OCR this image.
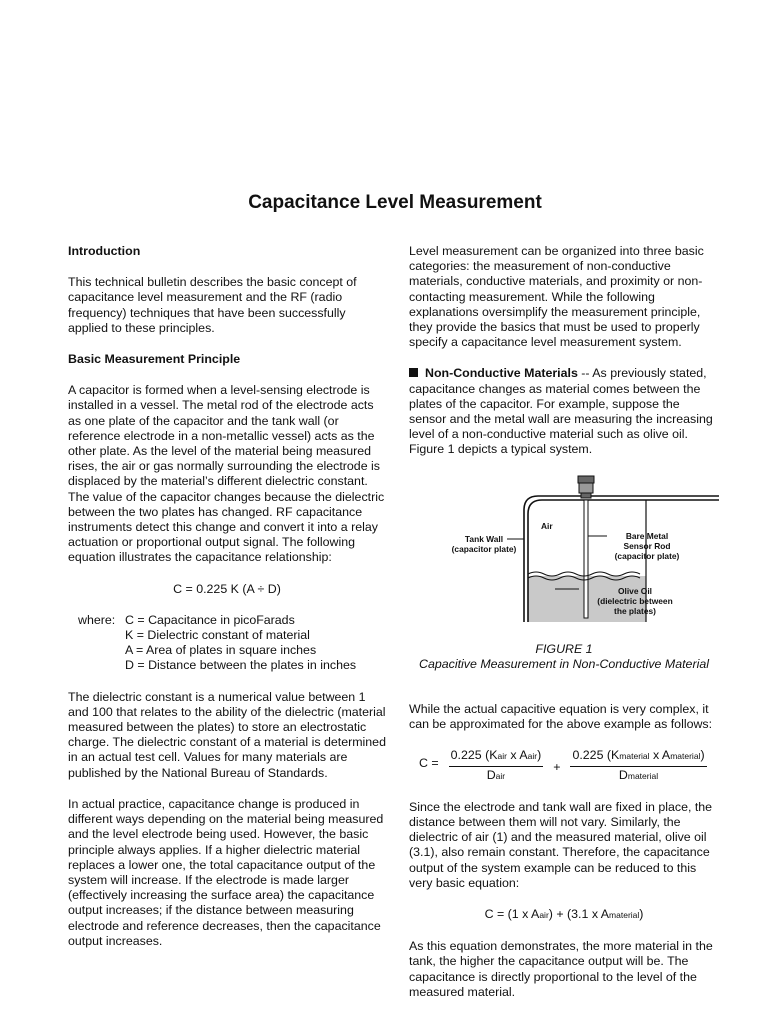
Capacitance Level Measurement
Introduction

This technical bulletin describes the basic concept of capacitance level measurement and the RF (radio frequency) techniques that have been successfully applied to these principles.

Basic Measurement Principle

A capacitor is formed when a level-sensing electrode is installed in a vessel. The metal rod of the electrode acts as one plate of the capacitor and the tank wall (or reference electrode in a non-metallic vessel) acts as the other plate. As the level of the material being measured rises, the air or gas normally surrounding the electrode is displaced by the material’s different dielectric constant. The value of the capacitor changes because the dielectric between the two plates has changed. RF capacitance instruments detect this change and convert it into a relay actuation or proportional output signal. The following equation illustrates the capacitance relationship:

C = 0.225 K (A ÷ D)
where: C = Capacitance in picoFarads
K = Dielectric constant of material
A = Area of plates in square inches
D = Distance between the plates in inches

The dielectric constant is a numerical value between 1 and 100 that relates to the ability of the dielectric (material measured between the plates) to store an electrostatic charge. The dielectric constant of a material is determined in an actual test cell. Values for many materials are published by the National Bureau of Standards.

In actual practice, capacitance change is produced in different ways depending on the material being measured and the level electrode being used. However, the basic principle always applies. If a higher dielectric material replaces a lower one, the total capacitance output of the system will increase. If the electrode is made larger (effectively increasing the surface area) the capacitance output increases; if the distance between measuring electrode and reference decreases, then the capacitance output increases.

Level measurement can be organized into three basic categories: the measurement of non-conductive materials, conductive materials, and proximity or non-contacting measurement. While the following explanations oversimplify the measurement principle, they provide the basics that must be used to properly specify a capacitance level measurement system.

Non-Conductive Materials -- As previously stated, capacitance changes as material comes between the plates of the capacitor. For example, suppose the sensor and the metal wall are measuring the increasing level of a non-conductive material such as olive oil. Figure 1 depicts a typical system.

Air
Tank Wall
(capacitor plate)
Bare Metal
Sensor Rod
(capacitor plate)
Olive Oil
(dielectric between
the plates)
FIGURE 1
Capacitive Measurement in Non-Conductive Material

While the actual capacitive equation is very complex, it can be approximated for the above example as follows:

$C = \frac{\text{0.225 (Kair x Aair)}}{\text{Dair}} + \frac{\text{0.225 (Kmaterial x Amaterial)}}{\text{Dmaterial}}$

Since the electrode and tank wall are fixed in place, the distance between them will not vary. Similarly, the dielectric of air (1) and the measured material, olive oil (3.1), also remain constant. Therefore, the capacitance output of the system example can be reduced to this very basic equation:

C = (1 x Aair) + (3.1 x Amaterial)

As this equation demonstrates, the more material in the tank, the higher the capacitance output will be. The capacitance is directly proportional to the level of the measured material.
